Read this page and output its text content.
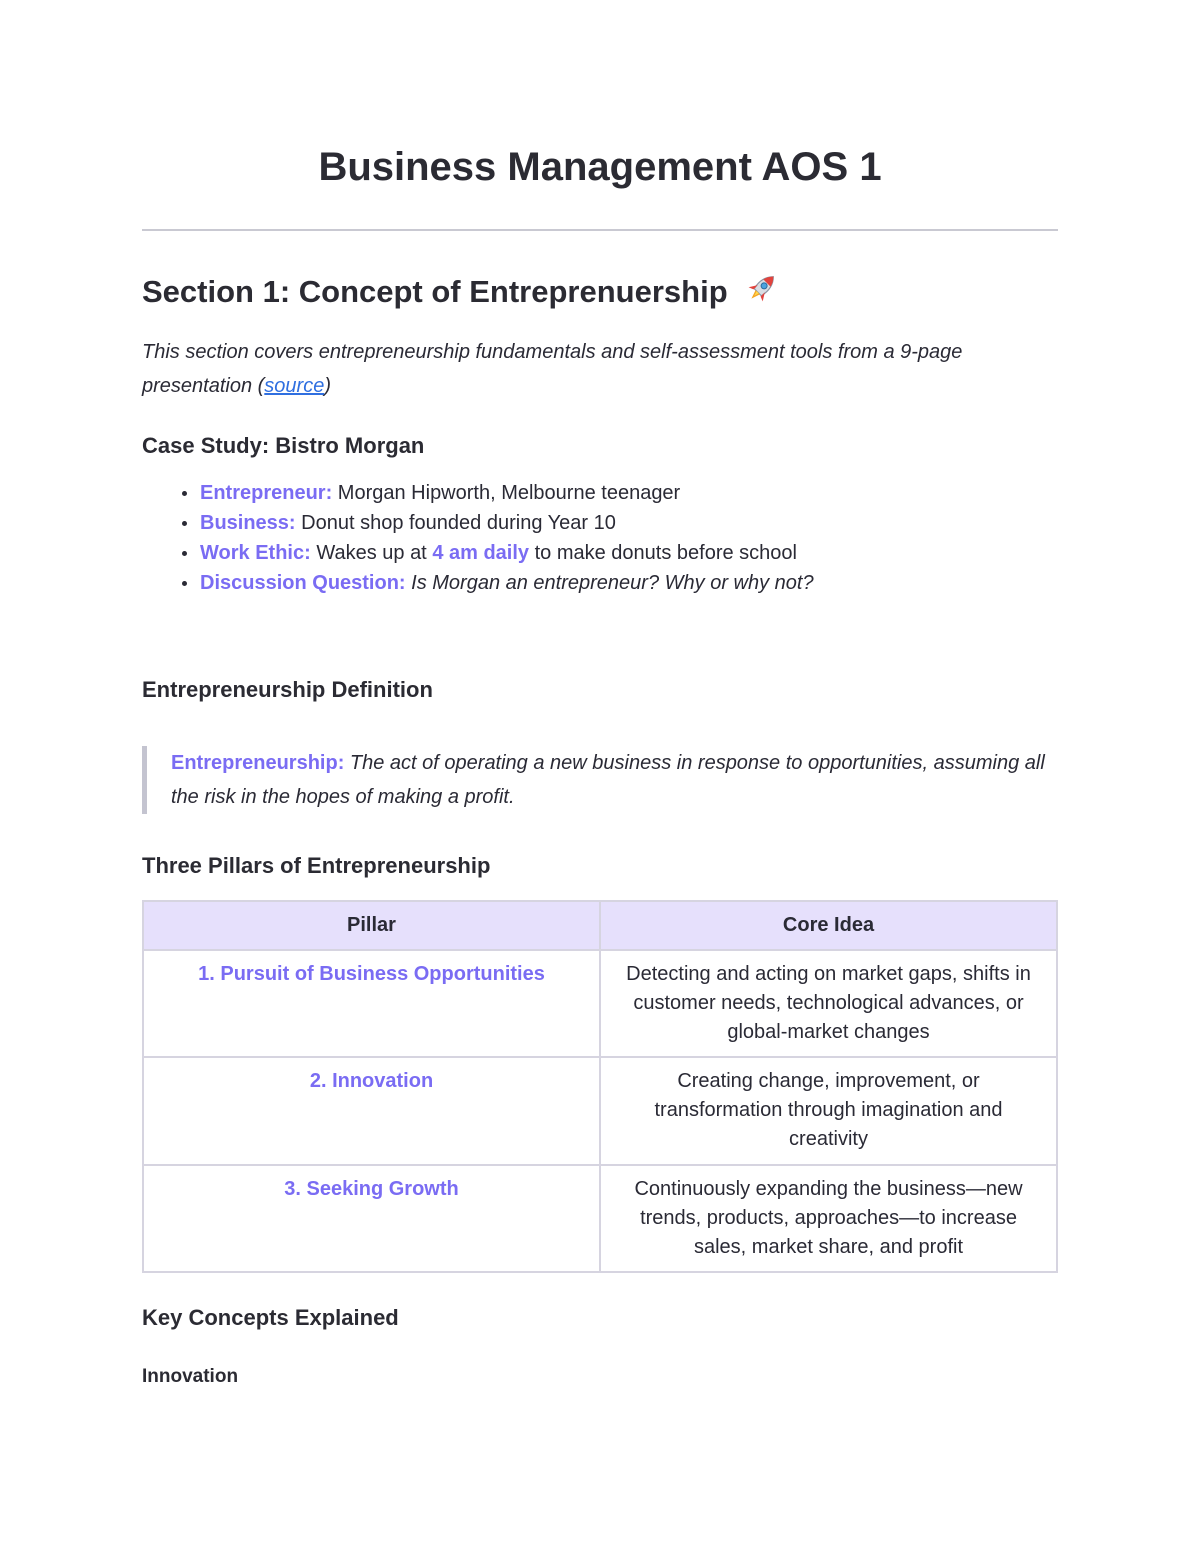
Business Management AOS 1
Section 1: Concept of Entreprenuership

This section covers entrepreneurship fundamentals and self-assessment tools from a 9-page presentation (source)

Case Study: Bistro Morgan
Entrepreneur: Morgan Hipworth, Melbourne teenager
Business: Donut shop founded during Year 10
Work Ethic: Wakes up at 4 am daily to make donuts before school
Discussion Question: Is Morgan an entrepreneur? Why or why not?
Entrepreneurship Definition
Entrepreneurship: The act of operating a new business in response to opportunities, assuming all the risk in the hopes of making a profit.
Three Pillars of Entrepreneurship
Pillar	Core Idea
1. Pursuit of Business Opportunities	Detecting and acting on market gaps, shifts in customer needs, technological advances, or global-market changes
2. Innovation	Creating change, improvement, or transformation through imagination and creativity
3. Seeking Growth	Continuously expanding the business—new trends, products, approaches—to increase sales, market share, and profit
Key Concepts Explained
Innovation
